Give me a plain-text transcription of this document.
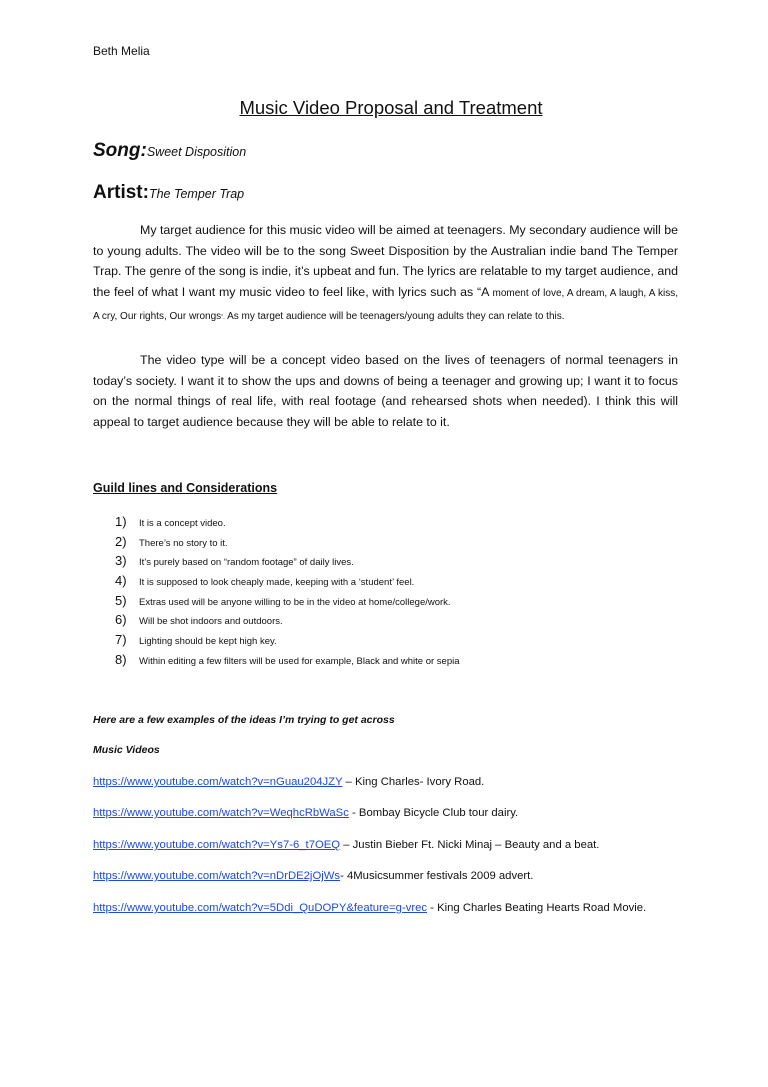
Beth Melia
Music Video Proposal and Treatment
Song:Sweet Disposition
Artist:The Temper Trap

My target audience for this music video will be aimed at teenagers. My secondary audience will be to young adults. The video will be to the song Sweet Disposition by the Australian indie band The Temper Trap. The genre of the song is indie, it’s upbeat and fun. The lyrics are relatable to my target audience, and the feel of what I want my music video to feel like, with lyrics such as “A moment of love, A dream, A laugh, A kiss, A cry, Our rights, Our wrongs”. As my target audience will be teenagers/young adults they can relate to this.

The video type will be a concept video based on the lives of teenagers of normal teenagers in today’s society. I want it to show the ups and downs of being a teenager and growing up; I want it to focus on the normal things of real life, with real footage (and rehearsed shots when needed). I think this will appeal to target audience because they will be able to relate to it.

Guild lines and Considerations
1)	It is a concept video.
2)	There’s no story to it.
3)	It’s purely based on “random footage” of daily lives.
4)	It is supposed to look cheaply made, keeping with a ‘student’ feel.
5)	Extras used will be anyone willing to be in the video at home/college/work.
6)	Will be shot indoors and outdoors.
7)	Lighting should be kept high key.
8)	Within editing a few filters will be used for example, Black and white or sepia
Here are a few examples of the ideas I’m trying to get across
Music Videos
https://www.youtube.com/watch?v=nGuau204JZY – King Charles- Ivory Road.
https://www.youtube.com/watch?v=WeqhcRbWaSc - Bombay Bicycle Club tour dairy.
https://www.youtube.com/watch?v=Ys7-6_t7OEQ – Justin Bieber Ft. Nicki Minaj – Beauty and a beat.
https://www.youtube.com/watch?v=nDrDE2jOjWs- 4Musicsummer festivals 2009 advert.
https://www.youtube.com/watch?v=5Ddi_QuDOPY&feature=g-vrec - King Charles Beating Hearts Road Movie.
